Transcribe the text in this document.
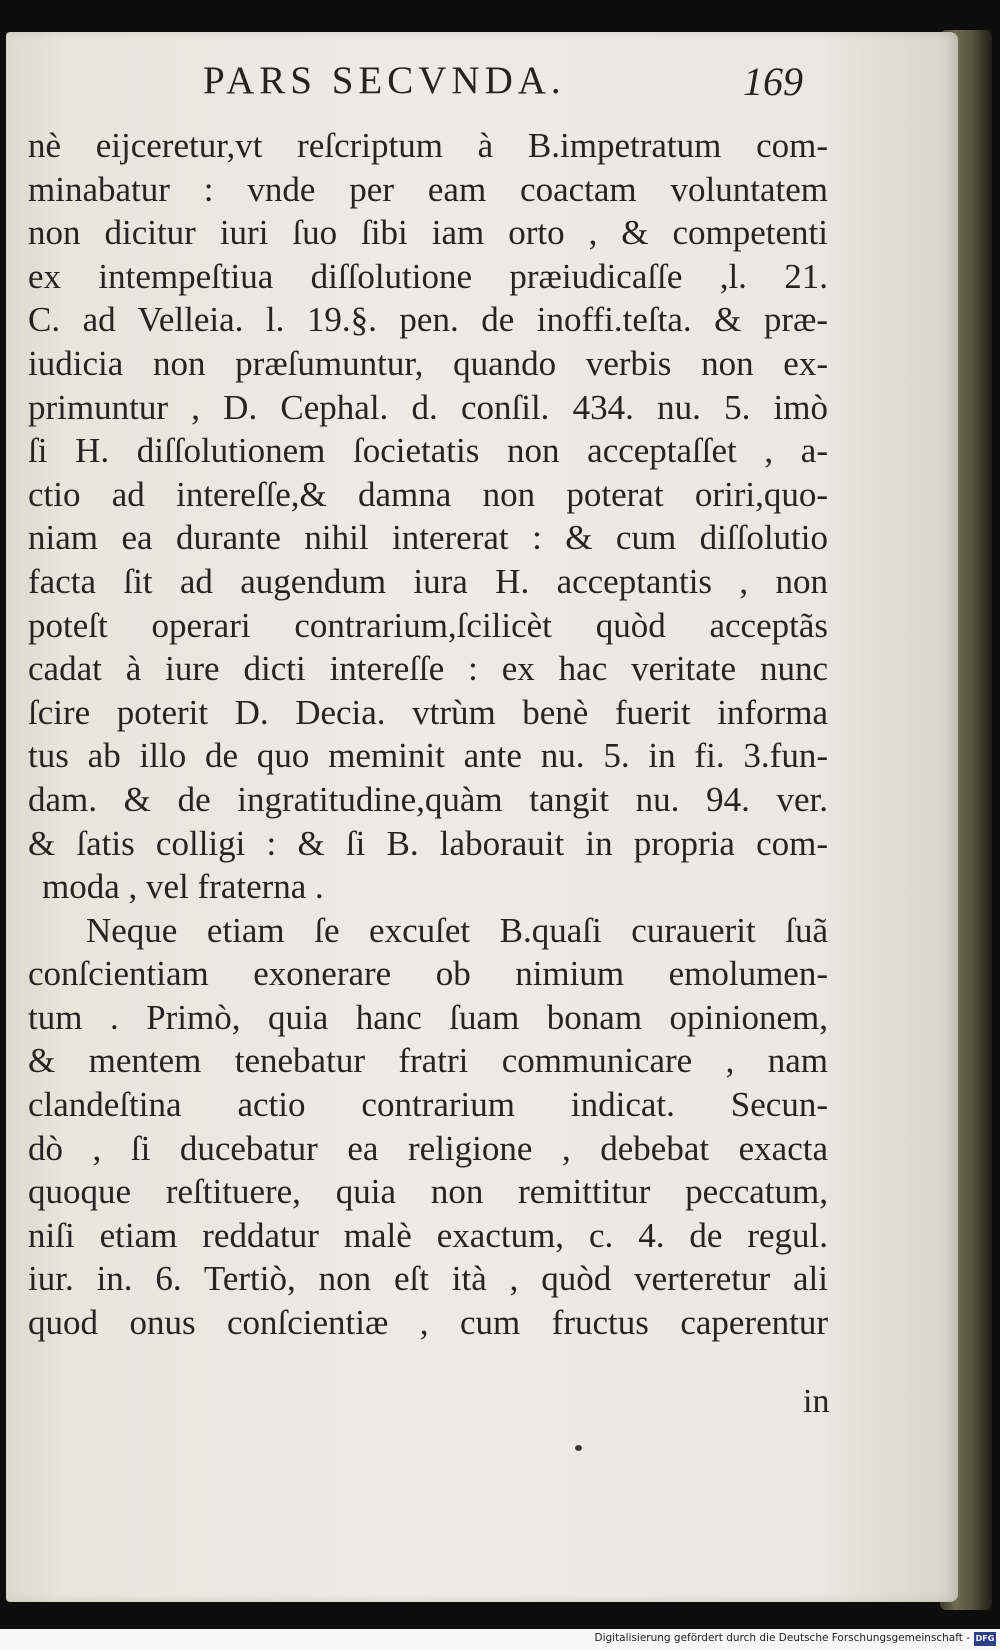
PARS SECVNDA.	169
nè eijceretur,vt reſcriptum à B.impetratum com-
minabatur : vnde per eam coactam voluntatem
non dicitur iuri ſuo ſibi iam orto , & competenti
ex intempeſtiua diſſolutione præiudicaſſe ,l. 21.
C. ad Velleia. l. 19.§. pen. de inoffi.teſta. & præ-
iudicia non præſumuntur, quando verbis non ex-
primuntur , D. Cephal. d. conſil. 434. nu. 5. imò
ſi H. diſſolutionem ſocietatis non acceptaſſet , a-
ctio ad intereſſe,& damna non poterat oriri,quo-
niam ea durante nihil intererat : & cum diſſolutio
facta ſit ad augendum iura H. acceptantis , non
poteſt operari contrarium,ſcilicèt quòd acceptãs
cadat à iure dicti intereſſe : ex hac veritate nunc
ſcire poterit D. Decia. vtrùm benè fuerit informa
tus ab illo de quo meminit ante nu. 5. in fi. 3.fun-
dam. & de ingratitudine,quàm tangit nu. 94. ver.
& ſatis colligi : & ſi B. laborauit in propria com-
moda , vel fraterna .
Neque etiam ſe excuſet B.quaſi curauerit ſuã
conſcientiam exonerare ob nimium emolumen-
tum . Primò, quia hanc ſuam bonam opinionem,
& mentem tenebatur fratri communicare , nam
clandeſtina actio contrarium indicat. Secun-
dò , ſi ducebatur ea religione , debebat exacta
quoque reſtituere, quia non remittitur peccatum,
niſi etiam reddatur malè exactum, c. 4. de regul.
iur. in. 6. Tertiò, non eſt ità , quòd verteretur ali
quod onus conſcientiæ , cum fructus caperentur
in
Digitalisierung gefördert durch die Deutsche Forschungsgemeinschaft - DFG
